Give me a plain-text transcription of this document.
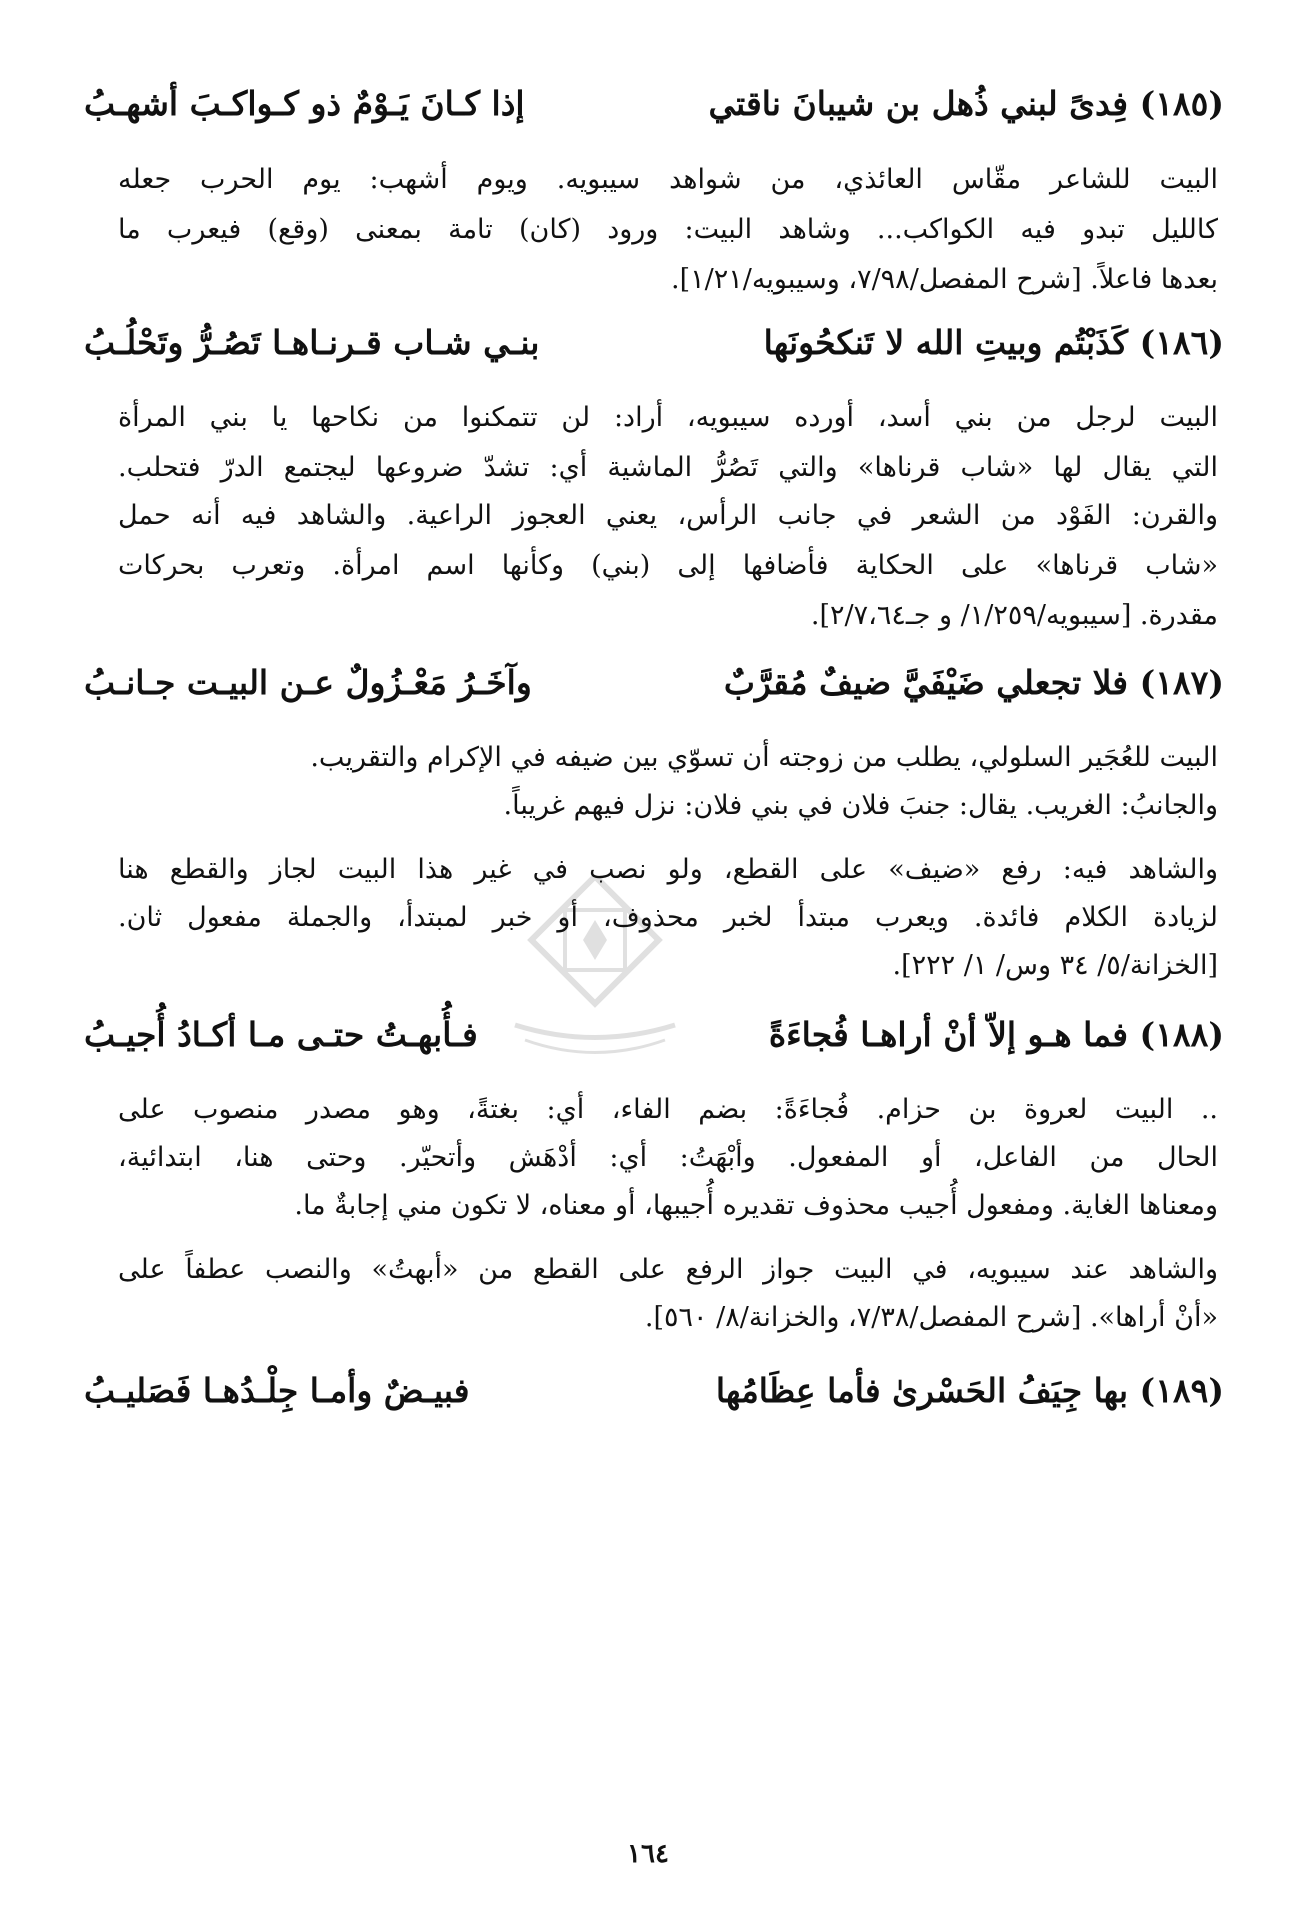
(١٨٥) فِدىً لبني ذُهل بن شيبانَ ناقتي
إذا كـانَ يَـوْمٌ ذو كـواكـبَ أشهـبُ
البيت للشاعر مقّاس العائذي، من شواهد سيبويه. ويوم أشهب: يوم الحرب جعله
كالليل تبدو فيه الكواكب... وشاهد البيت: ورود (كان) تامة بمعنى (وقع) فيعرب ما
بعدها فاعلاً. [شرح المفصل/٧/٩٨، وسيبويه/١/٢١].
(١٨٦) كَذَبْتُم وبيتِ الله لا تَنكحُونَها
بنـي شـاب قـرنـاهـا تَصُـرُّ وتَحْلُـبُ
البيت لرجل من بني أسد، أورده سيبويه، أراد: لن تتمكنوا من نكاحها يا بني المرأة
التي يقال لها «شاب قرناها» والتي تَصُرُّ الماشية أي: تشدّ ضروعها ليجتمع الدرّ فتحلب.
والقرن: الفَوْد من الشعر في جانب الرأس، يعني العجوز الراعية. والشاهد فيه أنه حمل
«شاب قرناها» على الحكاية فأضافها إلى (بني) وكأنها اسم امرأة. وتعرب بحركات
مقدرة. [سيبويه/١/٢٥٩/ و جـ٢/٧،٦٤].
(١٨٧) فلا تجعلي ضَيْفَيَّ ضيفٌ مُقرَّبٌ
وآخَـرُ مَعْـزُولٌ عـن البيـت جـانـبُ
البيت للعُجَير السلولي، يطلب من زوجته أن تسوّي بين ضيفه في الإكرام والتقريب.
والجانبُ: الغريب. يقال: جنبَ فلان في بني فلان: نزل فيهم غريباً.
والشاهد فيه: رفع «ضيف» على القطع، ولو نصب في غير هذا البيت لجاز والقطع هنا
لزيادة الكلام فائدة. ويعرب مبتدأ لخبر محذوف، أو خبر لمبتدأ، والجملة مفعول ثان.
[الخزانة/٥/ ٣٤ وس/ ١/ ٢٢٢].
(١٨٨) فما هـو إلاّ أنْ أراهـا فُجاءَةً
فـأُبهـتُ حتـى مـا أكـادُ أُجيـبُ
.. البيت لعروة بن حزام. فُجاءَةً: بضم الفاء، أي: بغتةً، وهو مصدر منصوب على
الحال من الفاعل، أو المفعول. وأبْهَتُ: أي: أدْهَش وأتحيّر. وحتى هنا، ابتدائية،
ومعناها الغاية. ومفعول أُجيب محذوف تقديره أُجيبها، أو معناه، لا تكون مني إجابةٌ ما.
والشاهد عند سيبويه، في البيت جواز الرفع على القطع من «أبهتُ» والنصب عطفاً على
«أنْ أراها». [شرح المفصل/٧/٣٨، والخزانة/٨/ ٥٦٠].
(١٨٩) بها جِيَفُ الحَسْرىٰ فأما عِظَامُها
فبيـضٌ وأمـا جِلْـدُهـا فَصَليـبُ
١٦٤
